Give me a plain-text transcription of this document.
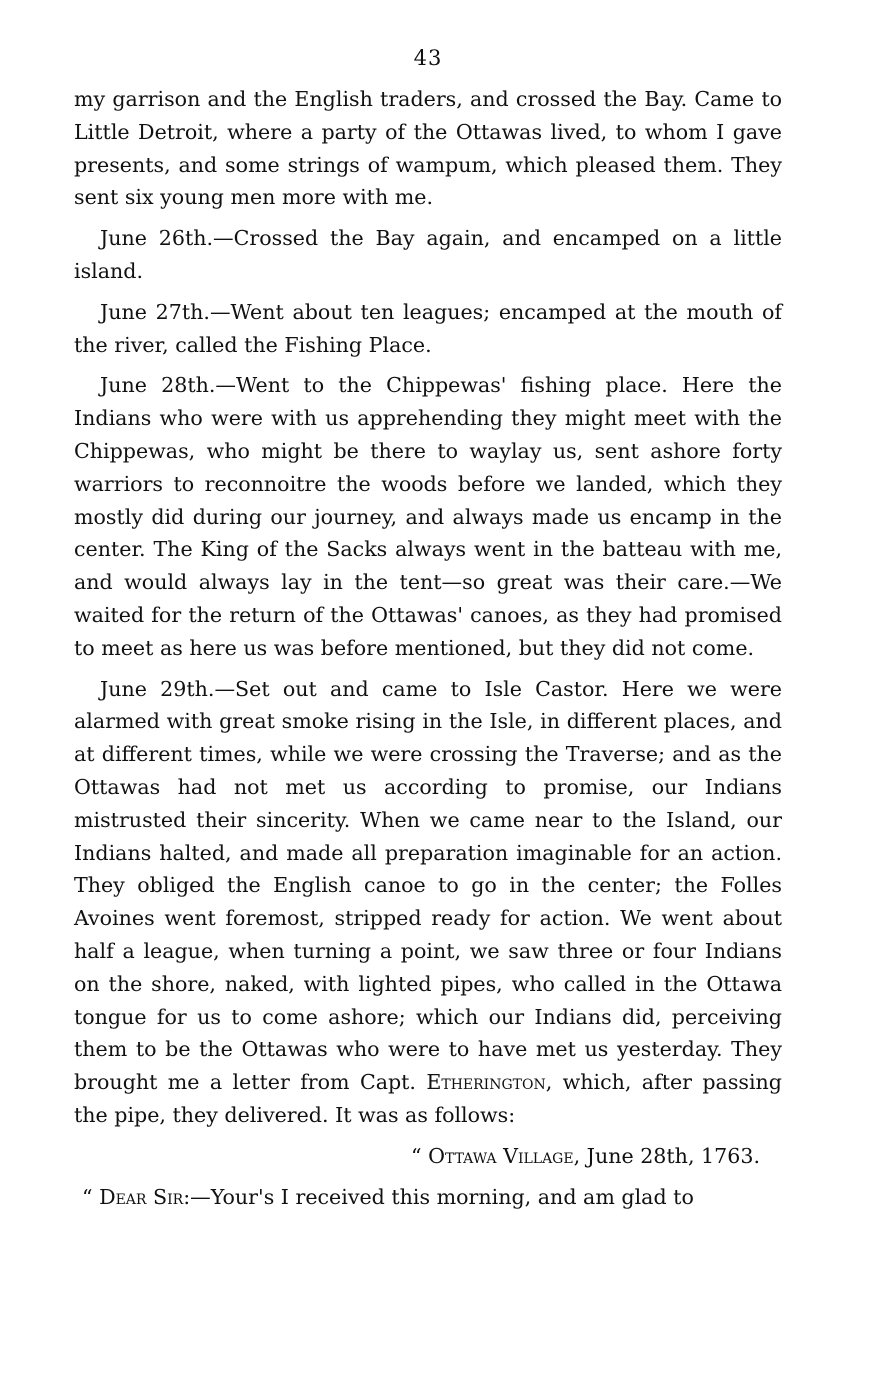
43

my garrison and the English traders, and crossed the Bay. Came to Little Detroit, where a party of the Ottawas lived, to whom I gave presents, and some strings of wampum, which pleased them. They sent six young men more with me.

June 26th.—Crossed the Bay again, and encamped on a little island.

June 27th.—Went about ten leagues; encamped at the mouth of the river, called the Fishing Place.

June 28th.—Went to the Chippewas' fishing place. Here the Indians who were with us apprehending they might meet with the Chippewas, who might be there to waylay us, sent ashore forty warriors to reconnoitre the woods before we landed, which they mostly did during our journey, and always made us encamp in the center. The King of the Sacks always went in the batteau with me, and would always lay in the tent—so great was their care.—We waited for the return of the Ottawas' canoes, as they had promised to meet as here us was before mentioned, but they did not come.

June 29th.—Set out and came to Isle Castor. Here we were alarmed with great smoke rising in the Isle, in different places, and at different times, while we were crossing the Traverse; and as the Ottawas had not met us according to promise, our Indians mistrusted their sincerity. When we came near to the Island, our Indians halted, and made all preparation imaginable for an action. They obliged the English canoe to go in the center; the Folles Avoines went foremost, stripped ready for action. We went about half a league, when turning a point, we saw three or four Indians on the shore, naked, with lighted pipes, who called in the Ottawa tongue for us to come ashore; which our Indians did, perceiving them to be the Ottawas who were to have met us yesterday. They brought me a letter from Capt. Etherington, which, after passing the pipe, they delivered. It was as follows:

“ Ottawa Village, June 28th, 1763.

“ Dear Sir:—Your's I received this morning, and am glad to
